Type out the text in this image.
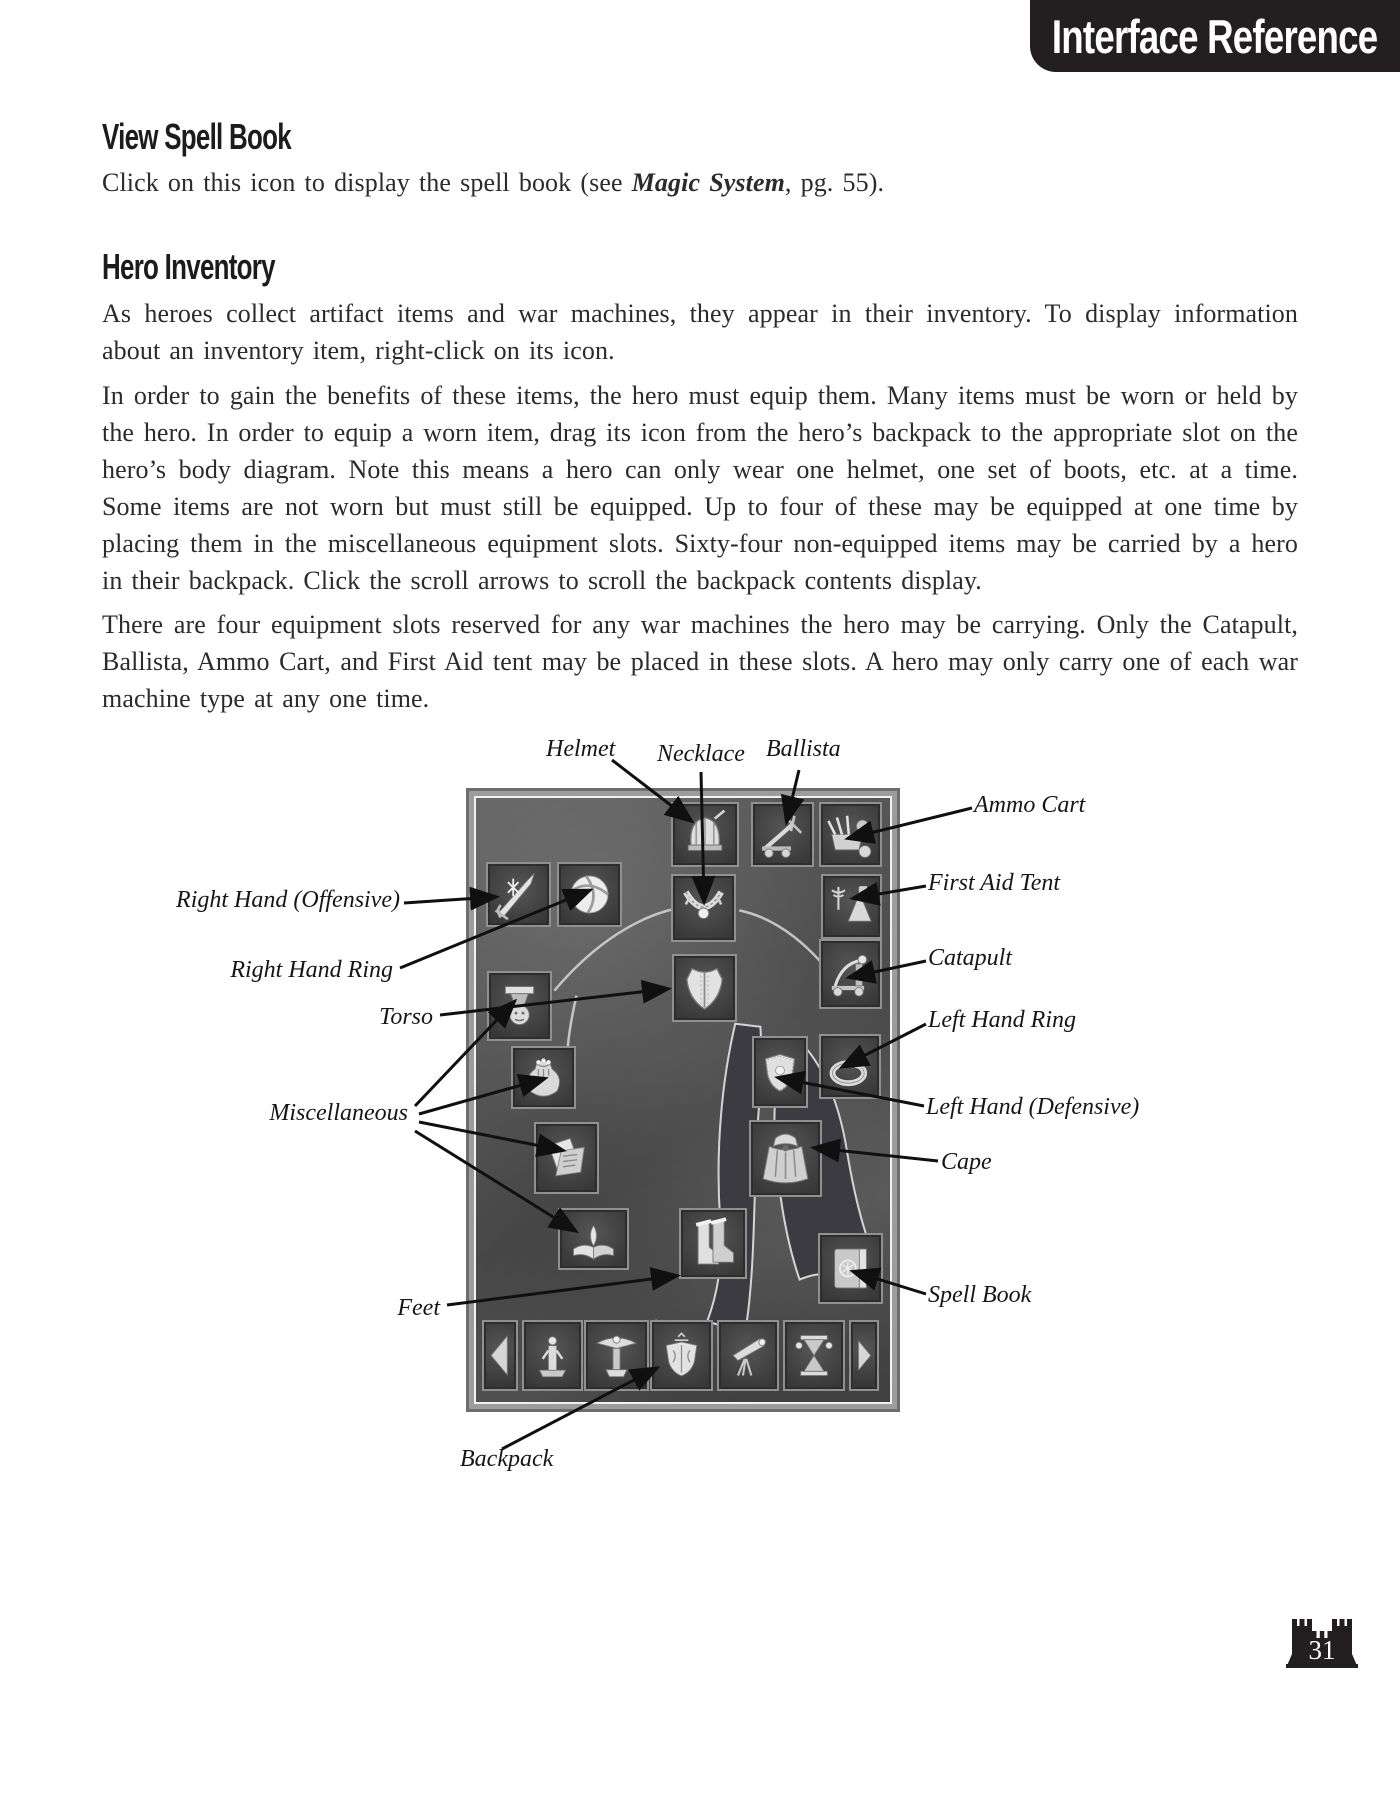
Interface Reference
View Spell Book
Click on this icon to display the spell book (see Magic System, pg. 55).
Hero Inventory
As heroes collect artifact items and war machines, they appear in their inventory. To display information about an inventory item, right-click on its icon.
In order to gain the benefits of these items, the hero must equip them. Many items must be worn or held by the hero. In order to equip a worn item, drag its icon from the hero’s backpack to the appropriate slot on the hero’s body diagram. Note this means a hero can only wear one helmet, one set of boots, etc. at a time. Some items are not worn but must still be equipped. Up to four of these may be equipped at one time by placing them in the miscellaneous equipment slots. Sixty-four non-equipped items may be carried by a hero in their backpack. Click the scroll arrows to scroll the backpack contents display.
There are four equipment slots reserved for any war machines the hero may be carrying. Only the Catapult, Ballista, Ammo Cart, and First Aid tent may be placed in these slots. A hero may only carry one of each war machine type at any one time.
Helmet Necklace Ballista
Ammo Cart
First Aid Tent
Catapult
Left Hand Ring
Left Hand (Defensive)
Cape
Spell Book
Right Hand (Offensive)
Right Hand Ring
Torso
Miscellaneous
Feet
Backpack
31
